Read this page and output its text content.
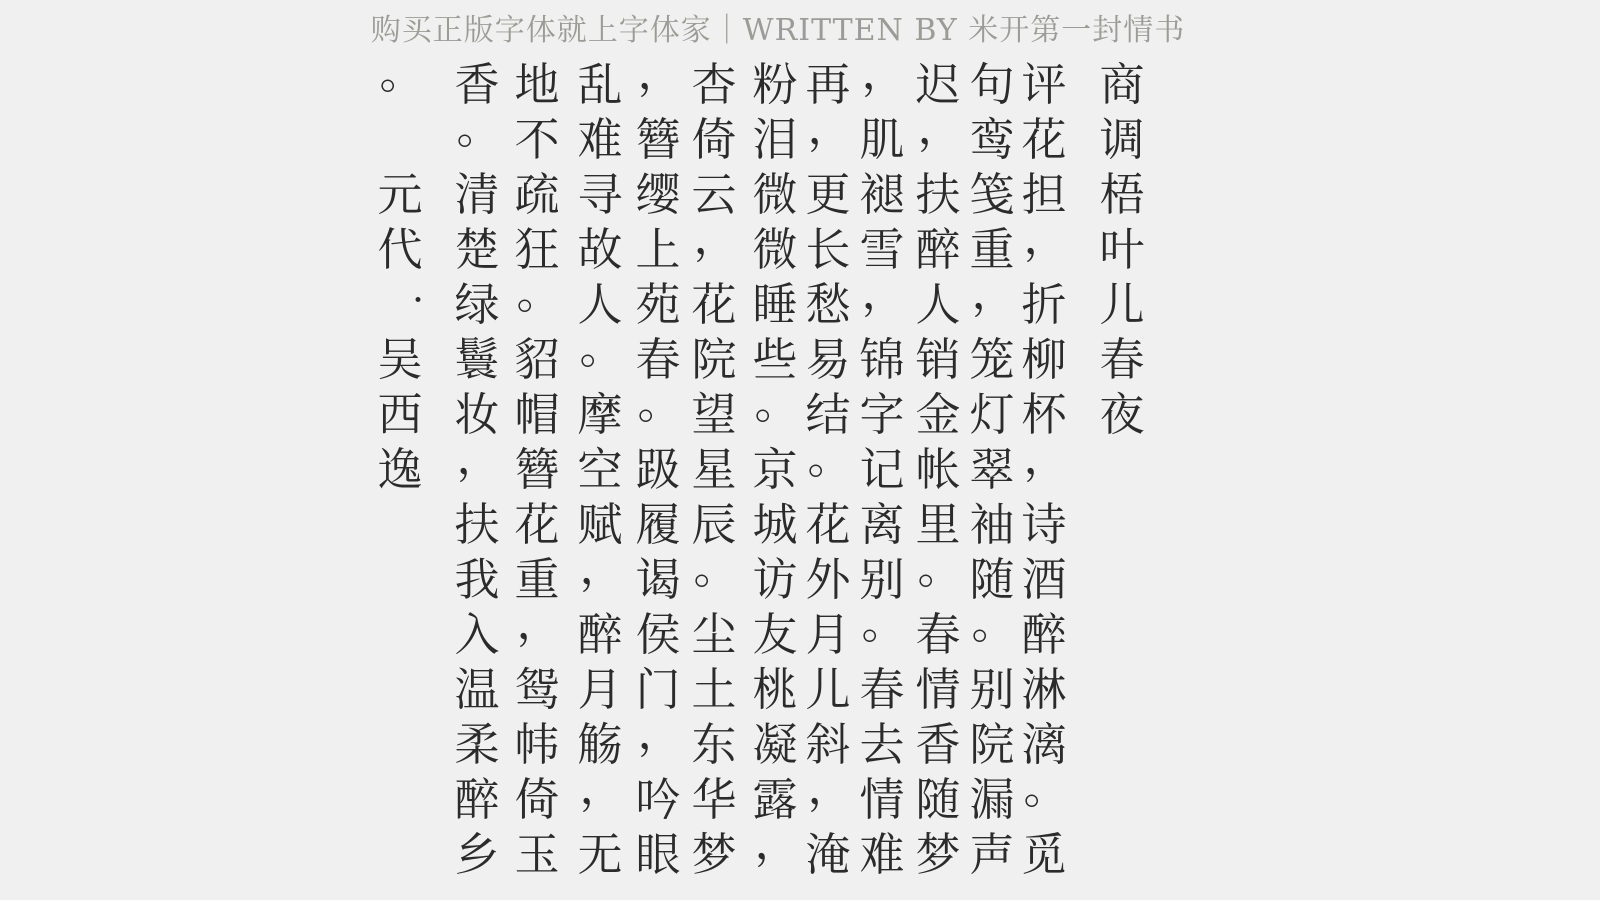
购买正版字体就上字体家｜WRITTEN BY 米开第一封情书
商
调
梧
叶
儿
春
夜
评
花
担
，
折
柳
杯
，
诗
酒
醉
淋
漓
。
觅
句
鸾
笺
重
，
笼
灯
翠
袖
随
。
别
院
漏
声
迟
，
扶
醉
人
销
金
帐
里
。
春
情
香
随
梦
，
肌
褪
雪
，
锦
字
记
离
别
。
春
去
情
难
再
，
更
长
愁
易
结
。
花
外
月
儿
斜
，
淹
粉
泪
微
微
睡
些
。
京
城
访
友
桃
凝
露
，
杏
倚
云
，
花
院
望
星
辰
。
尘
土
东
华
梦
，
簪
缨
上
苑
春
。
趿
履
谒
侯
门
，
吟
眼
乱
难
寻
故
人
。
摩
空
赋
，
醉
月
觞
，
无
地
不
疏
狂
。
貂
帽
簪
花
重
，
鸳
帏
倚
玉
香
。
清
楚
绿
鬟
妆
，
扶
我
入
温
柔
醉
乡
。
元
代
·
吴
西
逸
